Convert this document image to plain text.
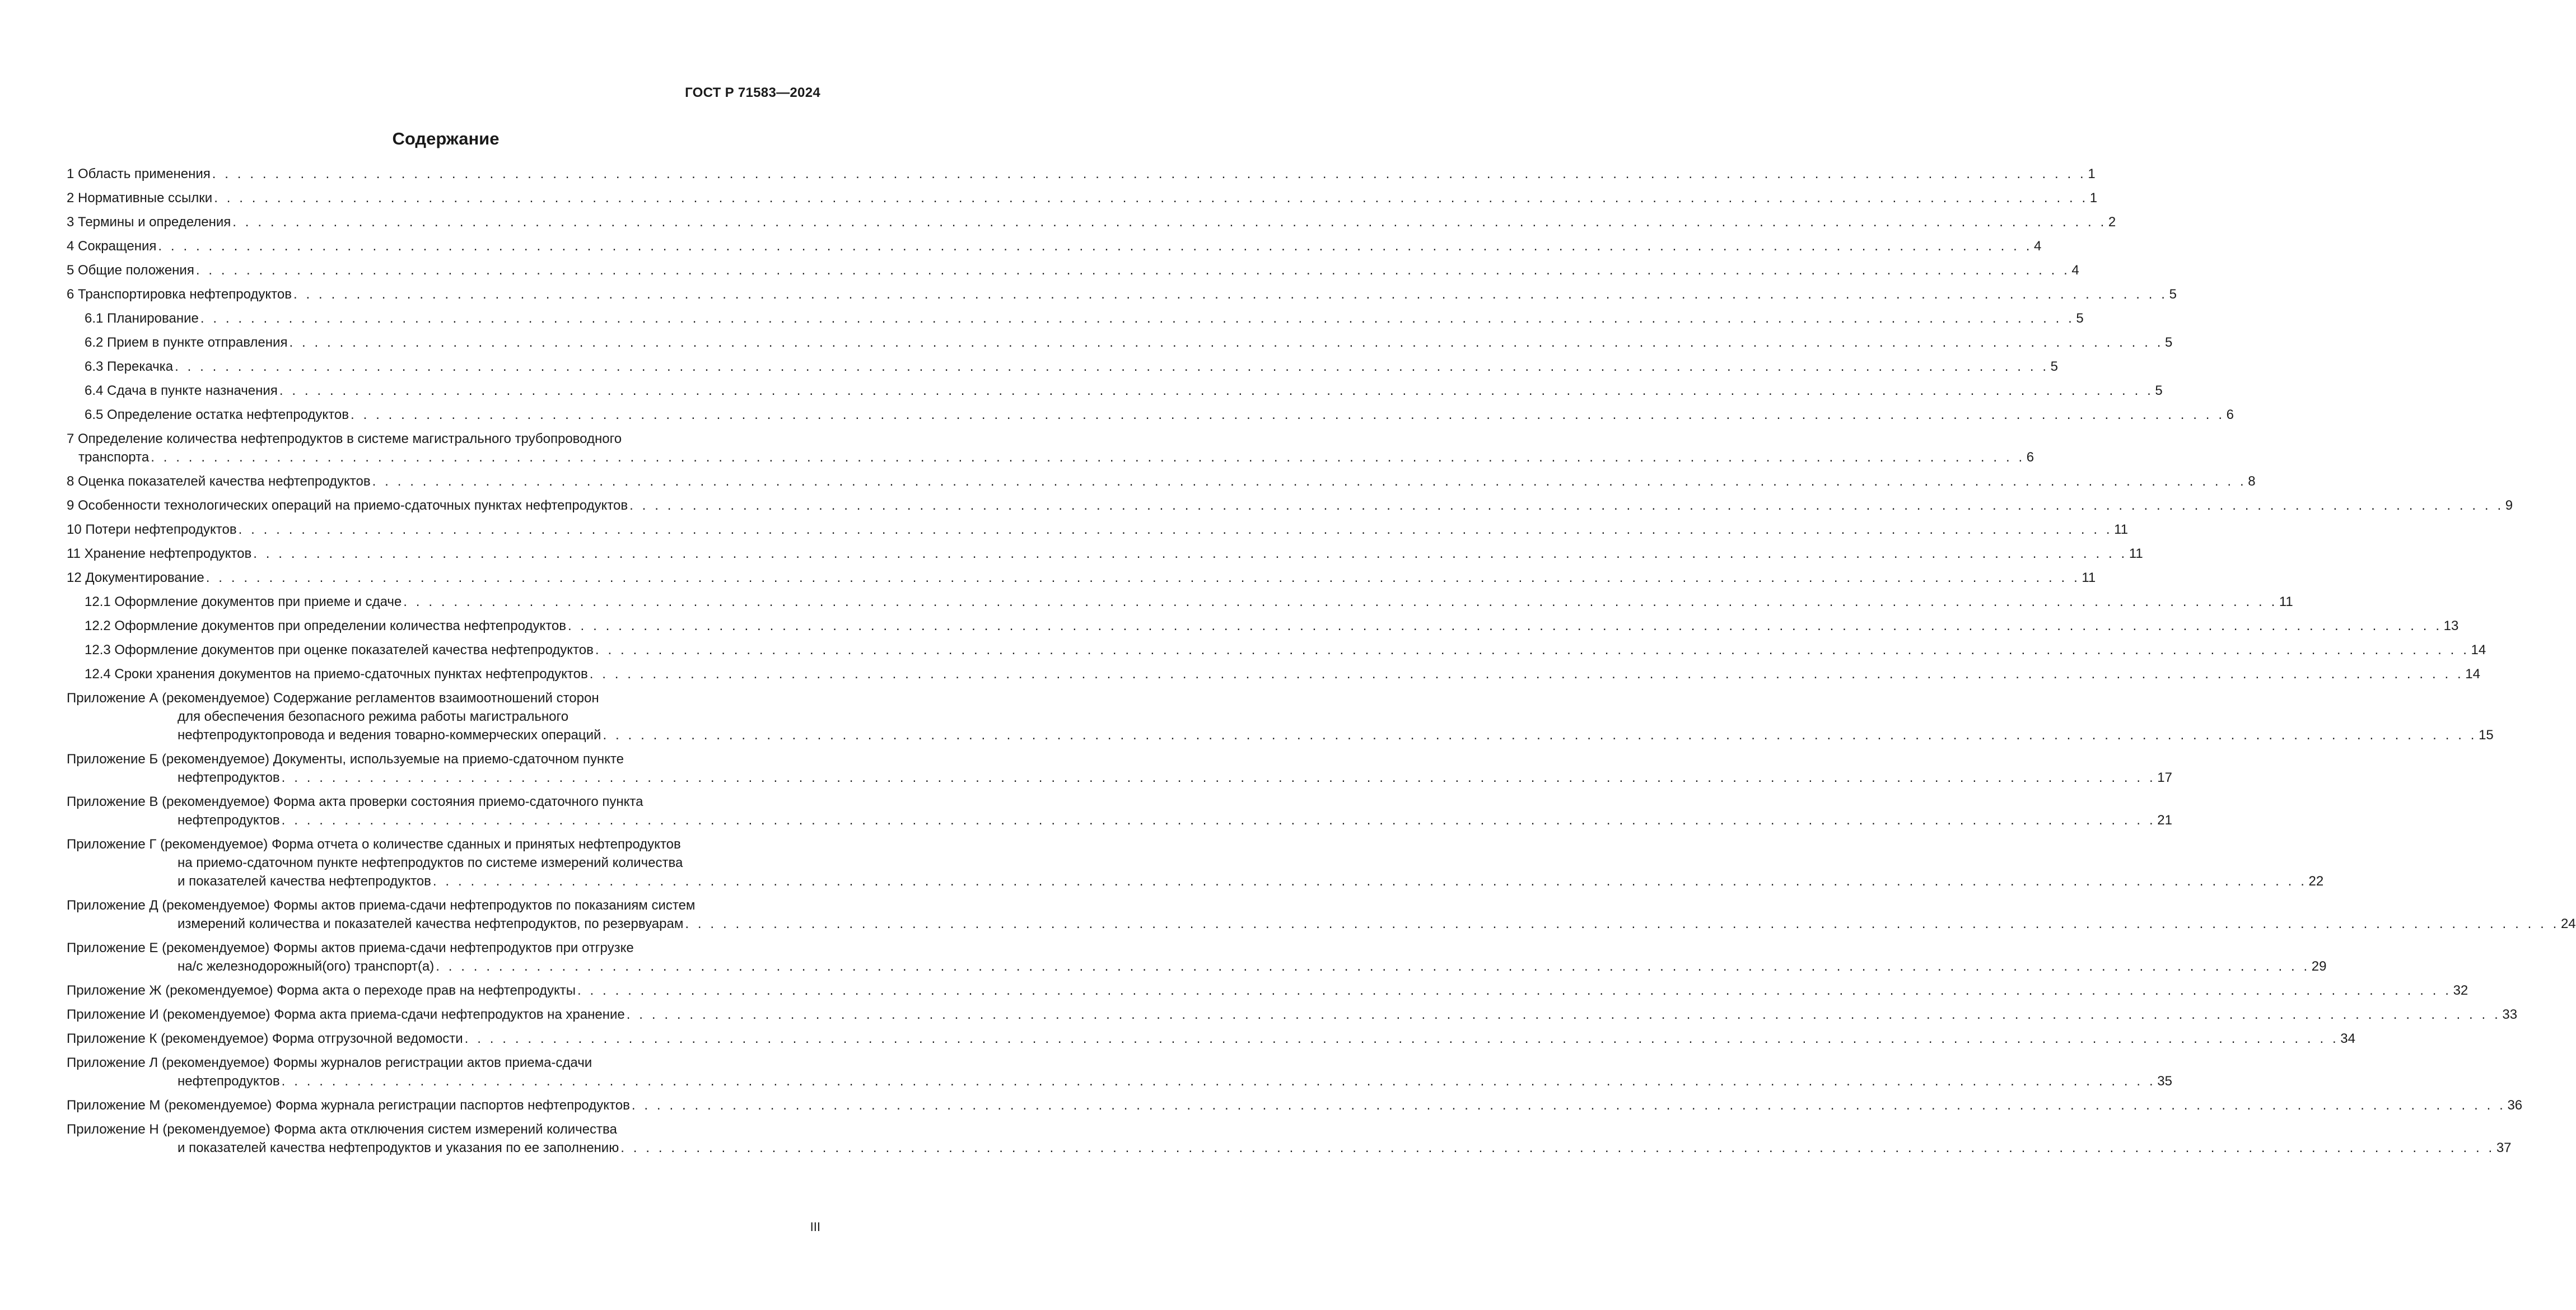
ГОСТ Р 71583—2024
Содержание
1 Область применения . . . . . . . . . . . . . . . . . . . . . . . . . . . . . . . . . . . . . . . . . . . . . . . . . . . . . . . . . . . . . . . . . . . . . . . . . . . . . . . . . . . . . . . . . . . . . . . . . . . . . . . . . . . . . . . . . . . . . . . . . . . . . . . . . . . . . . . . . . . . . . . . . . . . . 1
2 Нормативные ссылки . . . . . . . . . . . . . . . . . . . . . . . . . . . . . . . . . . . . . . . . . . . . . . . . . . . . . . . . . . . . . . . . . . . . . . . . . . . . . . . . . . . . . . . . . . . . . . . . . . . . . . . . . . . . . . . . . . . . . . . . . . . . . . . . . . . . . . . . . . . . . . . . . . . . . 1
3 Термины и определения . . . . . . . . . . . . . . . . . . . . . . . . . . . . . . . . . . . . . . . . . . . . . . . . . . . . . . . . . . . . . . . . . . . . . . . . . . . . . . . . . . . . . . . . . . . . . . . . . . . . . . . . . . . . . . . . . . . . . . . . . . . . . . . . . . . . . . . . . . . . . . . . . . . . . 2
4 Сокращения . . . . . . . . . . . . . . . . . . . . . . . . . . . . . . . . . . . . . . . . . . . . . . . . . . . . . . . . . . . . . . . . . . . . . . . . . . . . . . . . . . . . . . . . . . . . . . . . . . . . . . . . . . . . . . . . . . . . . . . . . . . . . . . . . . . . . . . . . . . . . . . . . . . . . 4
5 Общие положения . . . . . . . . . . . . . . . . . . . . . . . . . . . . . . . . . . . . . . . . . . . . . . . . . . . . . . . . . . . . . . . . . . . . . . . . . . . . . . . . . . . . . . . . . . . . . . . . . . . . . . . . . . . . . . . . . . . . . . . . . . . . . . . . . . . . . . . . . . . . . . . . . . . . . 4
6 Транспортировка нефтепродуктов . . . . . . . . . . . . . . . . . . . . . . . . . . . . . . . . . . . . . . . . . . . . . . . . . . . . . . . . . . . . . . . . . . . . . . . . . . . . . . . . . . . . . . . . . . . . . . . . . . . . . . . . . . . . . . . . . . . . . . . . . . . . . . . . . . . . . . . . . . . . . . . . . . . . . 5
6.1 Планирование . . . . . . . . . . . . . . . . . . . . . . . . . . . . . . . . . . . . . . . . . . . . . . . . . . . . . . . . . . . . . . . . . . . . . . . . . . . . . . . . . . . . . . . . . . . . . . . . . . . . . . . . . . . . . . . . . . . . . . . . . . . . . . . . . . . . . . . . . . . . . . . . . . . . . 5
6.2 Прием в пункте отправления . . . . . . . . . . . . . . . . . . . . . . . . . . . . . . . . . . . . . . . . . . . . . . . . . . . . . . . . . . . . . . . . . . . . . . . . . . . . . . . . . . . . . . . . . . . . . . . . . . . . . . . . . . . . . . . . . . . . . . . . . . . . . . . . . . . . . . . . . . . . . . . . . . . . . 5
6.3 Перекачка . . . . . . . . . . . . . . . . . . . . . . . . . . . . . . . . . . . . . . . . . . . . . . . . . . . . . . . . . . . . . . . . . . . . . . . . . . . . . . . . . . . . . . . . . . . . . . . . . . . . . . . . . . . . . . . . . . . . . . . . . . . . . . . . . . . . . . . . . . . . . . . . . . . . . 5
6.4 Сдача в пункте назначения . . . . . . . . . . . . . . . . . . . . . . . . . . . . . . . . . . . . . . . . . . . . . . . . . . . . . . . . . . . . . . . . . . . . . . . . . . . . . . . . . . . . . . . . . . . . . . . . . . . . . . . . . . . . . . . . . . . . . . . . . . . . . . . . . . . . . . . . . . . . . . . . . . . . . 5
6.5 Определение остатка нефтепродуктов . . . . . . . . . . . . . . . . . . . . . . . . . . . . . . . . . . . . . . . . . . . . . . . . . . . . . . . . . . . . . . . . . . . . . . . . . . . . . . . . . . . . . . . . . . . . . . . . . . . . . . . . . . . . . . . . . . . . . . . . . . . . . . . . . . . . . . . . . . . . . . . . . . . . . 6
7 Определение количества нефтепродуктов в системе магистрального трубопроводного
транспорта . . . . . . . . . . . . . . . . . . . . . . . . . . . . . . . . . . . . . . . . . . . . . . . . . . . . . . . . . . . . . . . . . . . . . . . . . . . . . . . . . . . . . . . . . . . . . . . . . . . . . . . . . . . . . . . . . . . . . . . . . . . . . . . . . . . . . . . . . . . . . . . . . . . . . 6
8 Оценка показателей качества нефтепродуктов . . . . . . . . . . . . . . . . . . . . . . . . . . . . . . . . . . . . . . . . . . . . . . . . . . . . . . . . . . . . . . . . . . . . . . . . . . . . . . . . . . . . . . . . . . . . . . . . . . . . . . . . . . . . . . . . . . . . . . . . . . . . . . . . . . . . . . . . . . . . . . . . . . . . . 8
9 Особенности технологических операций на приемо-сдаточных пунктах нефтепродуктов . . . . . . . . . . . . . . . . . . . . . . . . . . . . . . . . . . . . . . . . . . . . . . . . . . . . . . . . . . . . . . . . . . . . . . . . . . . . . . . . . . . . . . . . . . . . . . . . . . . . . . . . . . . . . . . . . . . . . . . . . . . . . . . . . . . . . . . . . . . . . . . . . . . . . 9
10 Потери нефтепродуктов . . . . . . . . . . . . . . . . . . . . . . . . . . . . . . . . . . . . . . . . . . . . . . . . . . . . . . . . . . . . . . . . . . . . . . . . . . . . . . . . . . . . . . . . . . . . . . . . . . . . . . . . . . . . . . . . . . . . . . . . . . . . . . . . . . . . . . . . . . . . . . . . . . . . . 11
11 Хранение нефтепродуктов . . . . . . . . . . . . . . . . . . . . . . . . . . . . . . . . . . . . . . . . . . . . . . . . . . . . . . . . . . . . . . . . . . . . . . . . . . . . . . . . . . . . . . . . . . . . . . . . . . . . . . . . . . . . . . . . . . . . . . . . . . . . . . . . . . . . . . . . . . . . . . . . . . . . . 11
12 Документирование . . . . . . . . . . . . . . . . . . . . . . . . . . . . . . . . . . . . . . . . . . . . . . . . . . . . . . . . . . . . . . . . . . . . . . . . . . . . . . . . . . . . . . . . . . . . . . . . . . . . . . . . . . . . . . . . . . . . . . . . . . . . . . . . . . . . . . . . . . . . . . . . . . . . . 11
12.1 Оформление документов при приеме и сдаче . . . . . . . . . . . . . . . . . . . . . . . . . . . . . . . . . . . . . . . . . . . . . . . . . . . . . . . . . . . . . . . . . . . . . . . . . . . . . . . . . . . . . . . . . . . . . . . . . . . . . . . . . . . . . . . . . . . . . . . . . . . . . . . . . . . . . . . . . . . . . . . . . . . . . 11
12.2 Оформление документов при определении количества нефтепродуктов . . . . . . . . . . . . . . . . . . . . . . . . . . . . . . . . . . . . . . . . . . . . . . . . . . . . . . . . . . . . . . . . . . . . . . . . . . . . . . . . . . . . . . . . . . . . . . . . . . . . . . . . . . . . . . . . . . . . . . . . . . . . . . . . . . . . . . . . . . . . . . . . . . . . . 13
12.3 Оформление документов при оценке показателей качества нефтепродуктов . . . . . . . . . . . . . . . . . . . . . . . . . . . . . . . . . . . . . . . . . . . . . . . . . . . . . . . . . . . . . . . . . . . . . . . . . . . . . . . . . . . . . . . . . . . . . . . . . . . . . . . . . . . . . . . . . . . . . . . . . . . . . . . . . . . . . . . . . . . . . . . . . . . . . 14
12.4 Сроки хранения документов на приемо-сдаточных пунктах нефтепродуктов . . . . . . . . . . . . . . . . . . . . . . . . . . . . . . . . . . . . . . . . . . . . . . . . . . . . . . . . . . . . . . . . . . . . . . . . . . . . . . . . . . . . . . . . . . . . . . . . . . . . . . . . . . . . . . . . . . . . . . . . . . . . . . . . . . . . . . . . . . . . . . . . . . . . . 14
Приложение А (рекомендуемое) Содержание регламентов взаимоотношений сторон
для обеспечения безопасного режима работы магистрального
нефтепродуктопровода и ведения товарно-коммерческих операций . . . . . . . . . . . . . . . . . . . . . . . . . . . . . . . . . . . . . . . . . . . . . . . . . . . . . . . . . . . . . . . . . . . . . . . . . . . . . . . . . . . . . . . . . . . . . . . . . . . . . . . . . . . . . . . . . . . . . . . . . . . . . . . . . . . . . . . . . . . . . . . . . . . . . 15
Приложение Б (рекомендуемое) Документы, используемые на приемо-сдаточном пункте
нефтепродуктов . . . . . . . . . . . . . . . . . . . . . . . . . . . . . . . . . . . . . . . . . . . . . . . . . . . . . . . . . . . . . . . . . . . . . . . . . . . . . . . . . . . . . . . . . . . . . . . . . . . . . . . . . . . . . . . . . . . . . . . . . . . . . . . . . . . . . . . . . . . . . . . . . . . . . 17
Приложение В (рекомендуемое) Форма акта проверки состояния приемо-сдаточного пункта
нефтепродуктов . . . . . . . . . . . . . . . . . . . . . . . . . . . . . . . . . . . . . . . . . . . . . . . . . . . . . . . . . . . . . . . . . . . . . . . . . . . . . . . . . . . . . . . . . . . . . . . . . . . . . . . . . . . . . . . . . . . . . . . . . . . . . . . . . . . . . . . . . . . . . . . . . . . . . 21
Приложение Г (рекомендуемое) Форма отчета о количестве сданных и принятых нефтепродуктов
на приемо-сдаточном пункте нефтепродуктов по системе измерений количества
и показателей качества нефтепродуктов . . . . . . . . . . . . . . . . . . . . . . . . . . . . . . . . . . . . . . . . . . . . . . . . . . . . . . . . . . . . . . . . . . . . . . . . . . . . . . . . . . . . . . . . . . . . . . . . . . . . . . . . . . . . . . . . . . . . . . . . . . . . . . . . . . . . . . . . . . . . . . . . . . . . . 22
Приложение Д (рекомендуемое) Формы актов приема-сдачи нефтепродуктов по показаниям систем
измерений количества и показателей качества нефтепродуктов, по резервуарам . . . . . . . . . . . . . . . . . . . . . . . . . . . . . . . . . . . . . . . . . . . . . . . . . . . . . . . . . . . . . . . . . . . . . . . . . . . . . . . . . . . . . . . . . . . . . . . . . . . . . . . . . . . . . . . . . . . . . . . . . . . . . . . . . . . . . . . . . . . . . . . . . . . . . 24
Приложение Е (рекомендуемое) Формы актов приема-сдачи нефтепродуктов при отгрузке
на/с железнодорожный(ого) транспорт(а) . . . . . . . . . . . . . . . . . . . . . . . . . . . . . . . . . . . . . . . . . . . . . . . . . . . . . . . . . . . . . . . . . . . . . . . . . . . . . . . . . . . . . . . . . . . . . . . . . . . . . . . . . . . . . . . . . . . . . . . . . . . . . . . . . . . . . . . . . . . . . . . . . . . . . 29
Приложение Ж (рекомендуемое) Форма акта о переходе прав на нефтепродукты . . . . . . . . . . . . . . . . . . . . . . . . . . . . . . . . . . . . . . . . . . . . . . . . . . . . . . . . . . . . . . . . . . . . . . . . . . . . . . . . . . . . . . . . . . . . . . . . . . . . . . . . . . . . . . . . . . . . . . . . . . . . . . . . . . . . . . . . . . . . . . . . . . . . . 32
Приложение И (рекомендуемое) Форма акта приема-сдачи нефтепродуктов на хранение . . . . . . . . . . . . . . . . . . . . . . . . . . . . . . . . . . . . . . . . . . . . . . . . . . . . . . . . . . . . . . . . . . . . . . . . . . . . . . . . . . . . . . . . . . . . . . . . . . . . . . . . . . . . . . . . . . . . . . . . . . . . . . . . . . . . . . . . . . . . . . . . . . . . . 33
Приложение К (рекомендуемое) Форма отгрузочной ведомости . . . . . . . . . . . . . . . . . . . . . . . . . . . . . . . . . . . . . . . . . . . . . . . . . . . . . . . . . . . . . . . . . . . . . . . . . . . . . . . . . . . . . . . . . . . . . . . . . . . . . . . . . . . . . . . . . . . . . . . . . . . . . . . . . . . . . . . . . . . . . . . . . . . . . 34
Приложение Л (рекомендуемое) Формы журналов регистрации актов приема-сдачи
нефтепродуктов . . . . . . . . . . . . . . . . . . . . . . . . . . . . . . . . . . . . . . . . . . . . . . . . . . . . . . . . . . . . . . . . . . . . . . . . . . . . . . . . . . . . . . . . . . . . . . . . . . . . . . . . . . . . . . . . . . . . . . . . . . . . . . . . . . . . . . . . . . . . . . . . . . . . . 35
Приложение М (рекомендуемое) Форма журнала регистрации паспортов нефтепродуктов . . . . . . . . . . . . . . . . . . . . . . . . . . . . . . . . . . . . . . . . . . . . . . . . . . . . . . . . . . . . . . . . . . . . . . . . . . . . . . . . . . . . . . . . . . . . . . . . . . . . . . . . . . . . . . . . . . . . . . . . . . . . . . . . . . . . . . . . . . . . . . . . . . . . . 36
Приложение Н (рекомендуемое) Форма акта отключения систем измерений количества
и показателей качества нефтепродуктов и указания по ее заполнению . . . . . . . . . . . . . . . . . . . . . . . . . . . . . . . . . . . . . . . . . . . . . . . . . . . . . . . . . . . . . . . . . . . . . . . . . . . . . . . . . . . . . . . . . . . . . . . . . . . . . . . . . . . . . . . . . . . . . . . . . . . . . . . . . . . . . . . . . . . . . . . . . . . . . 37
III
